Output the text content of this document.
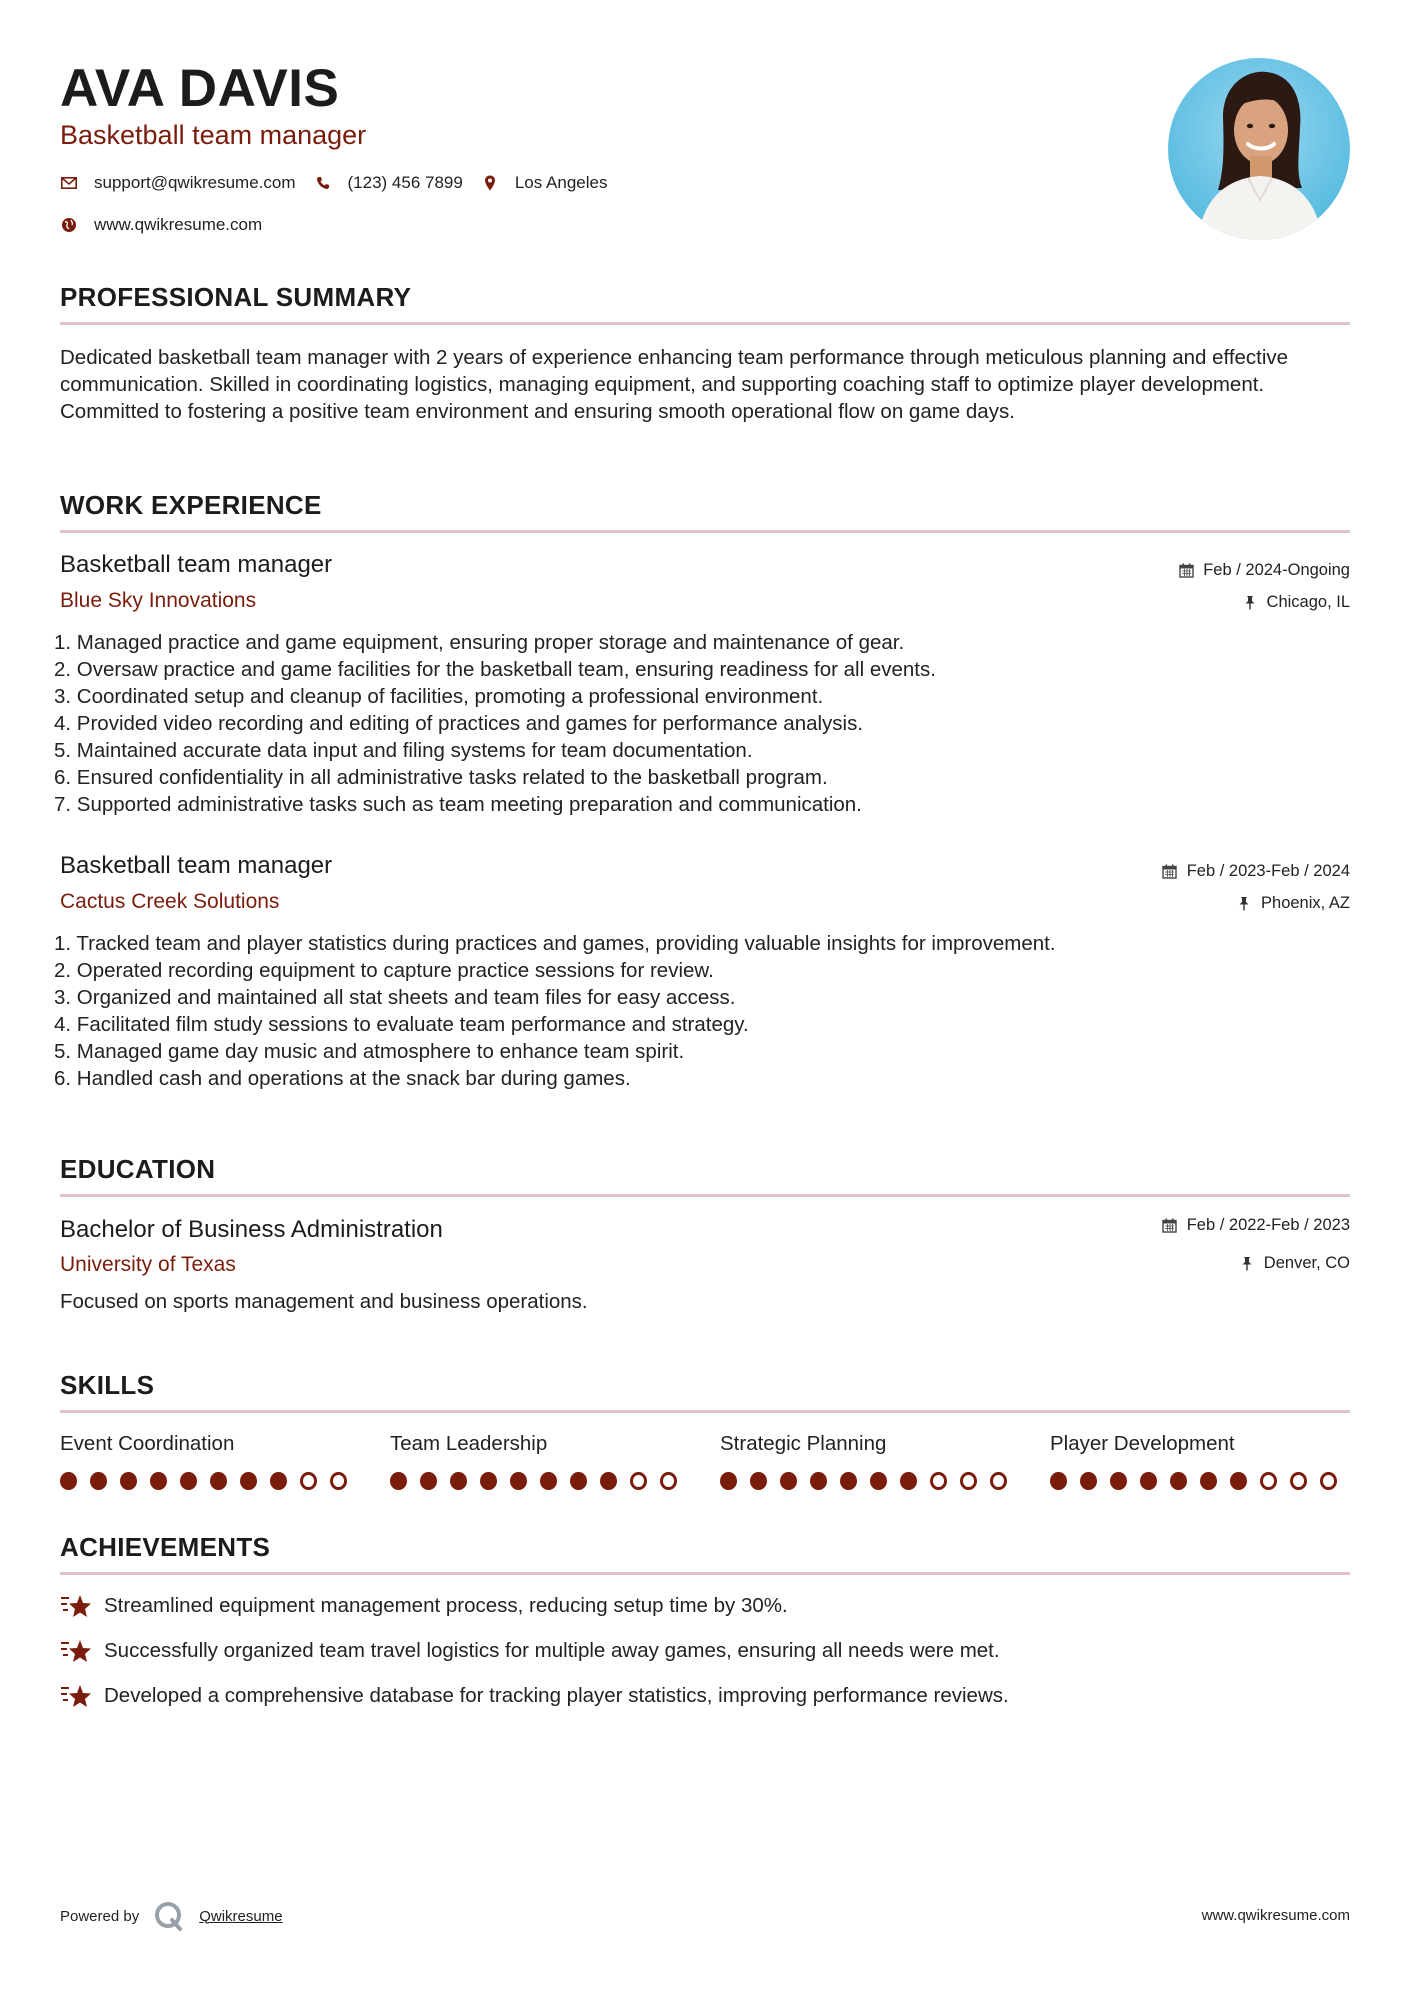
AVA DAVIS
Basketball team manager
support@qwikresume.com	(123) 456 7899	Los Angeles
www.qwikresume.com
PROFESSIONAL SUMMARY
Dedicated basketball team manager with 2 years of experience enhancing team performance through meticulous planning and effective communication. Skilled in coordinating logistics, managing equipment, and supporting coaching staff to optimize player development. Committed to fostering a positive team environment and ensuring smooth operational flow on game days.
WORK EXPERIENCE
Basketball team manager	Feb / 2024-Ongoing
Blue Sky Innovations	Chicago, IL
1. Managed practice and game equipment, ensuring proper storage and maintenance of gear.
2. Oversaw practice and game facilities for the basketball team, ensuring readiness for all events.
3. Coordinated setup and cleanup of facilities, promoting a professional environment.
4. Provided video recording and editing of practices and games for performance analysis.
5. Maintained accurate data input and filing systems for team documentation.
6. Ensured confidentiality in all administrative tasks related to the basketball program.
7. Supported administrative tasks such as team meeting preparation and communication.
Basketball team manager	Feb / 2023-Feb / 2024
Cactus Creek Solutions	Phoenix, AZ
1. Tracked team and player statistics during practices and games, providing valuable insights for improvement.
2. Operated recording equipment to capture practice sessions for review.
3. Organized and maintained all stat sheets and team files for easy access.
4. Facilitated film study sessions to evaluate team performance and strategy.
5. Managed game day music and atmosphere to enhance team spirit.
6. Handled cash and operations at the snack bar during games.
EDUCATION
Bachelor of Business Administration	Feb / 2022-Feb / 2023
University of Texas	Denver, CO
Focused on sports management and business operations.
SKILLS
Event Coordination	Team Leadership	Strategic Planning	Player Development
ACHIEVEMENTS
Streamlined equipment management process, reducing setup time by 30%.
Successfully organized team travel logistics for multiple away games, ensuring all needs were met.
Developed a comprehensive database for tracking player statistics, improving performance reviews.
Powered by	Qwikresume	www.qwikresume.com
